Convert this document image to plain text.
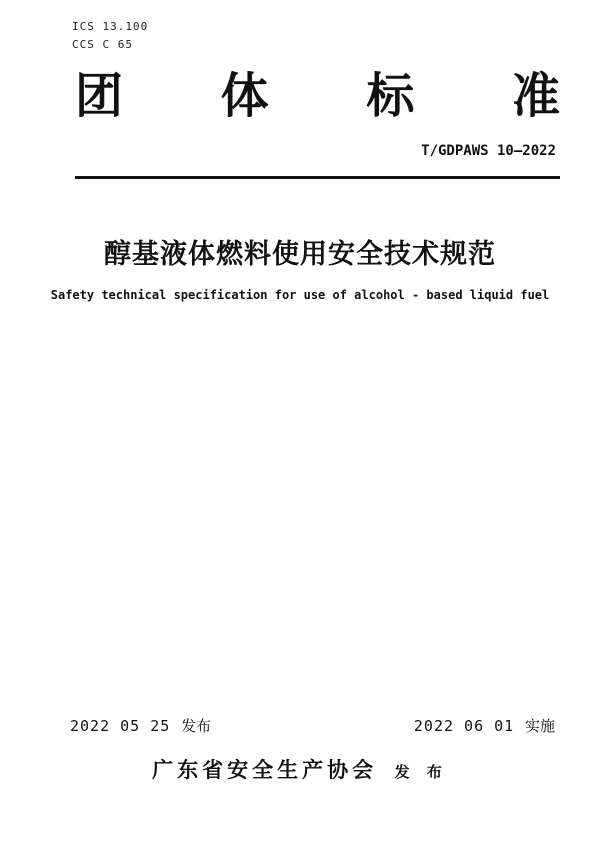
ICS 13.100
CCS C 65
团 体 标 准
T/GDPAWS 10—2022
醇基液体燃料使用安全技术规范
Safety technical specification for use of alcohol - based liquid fuel
2022 05 25 发布	2022 06 01 实施
广东省安全生产协会 发 布
